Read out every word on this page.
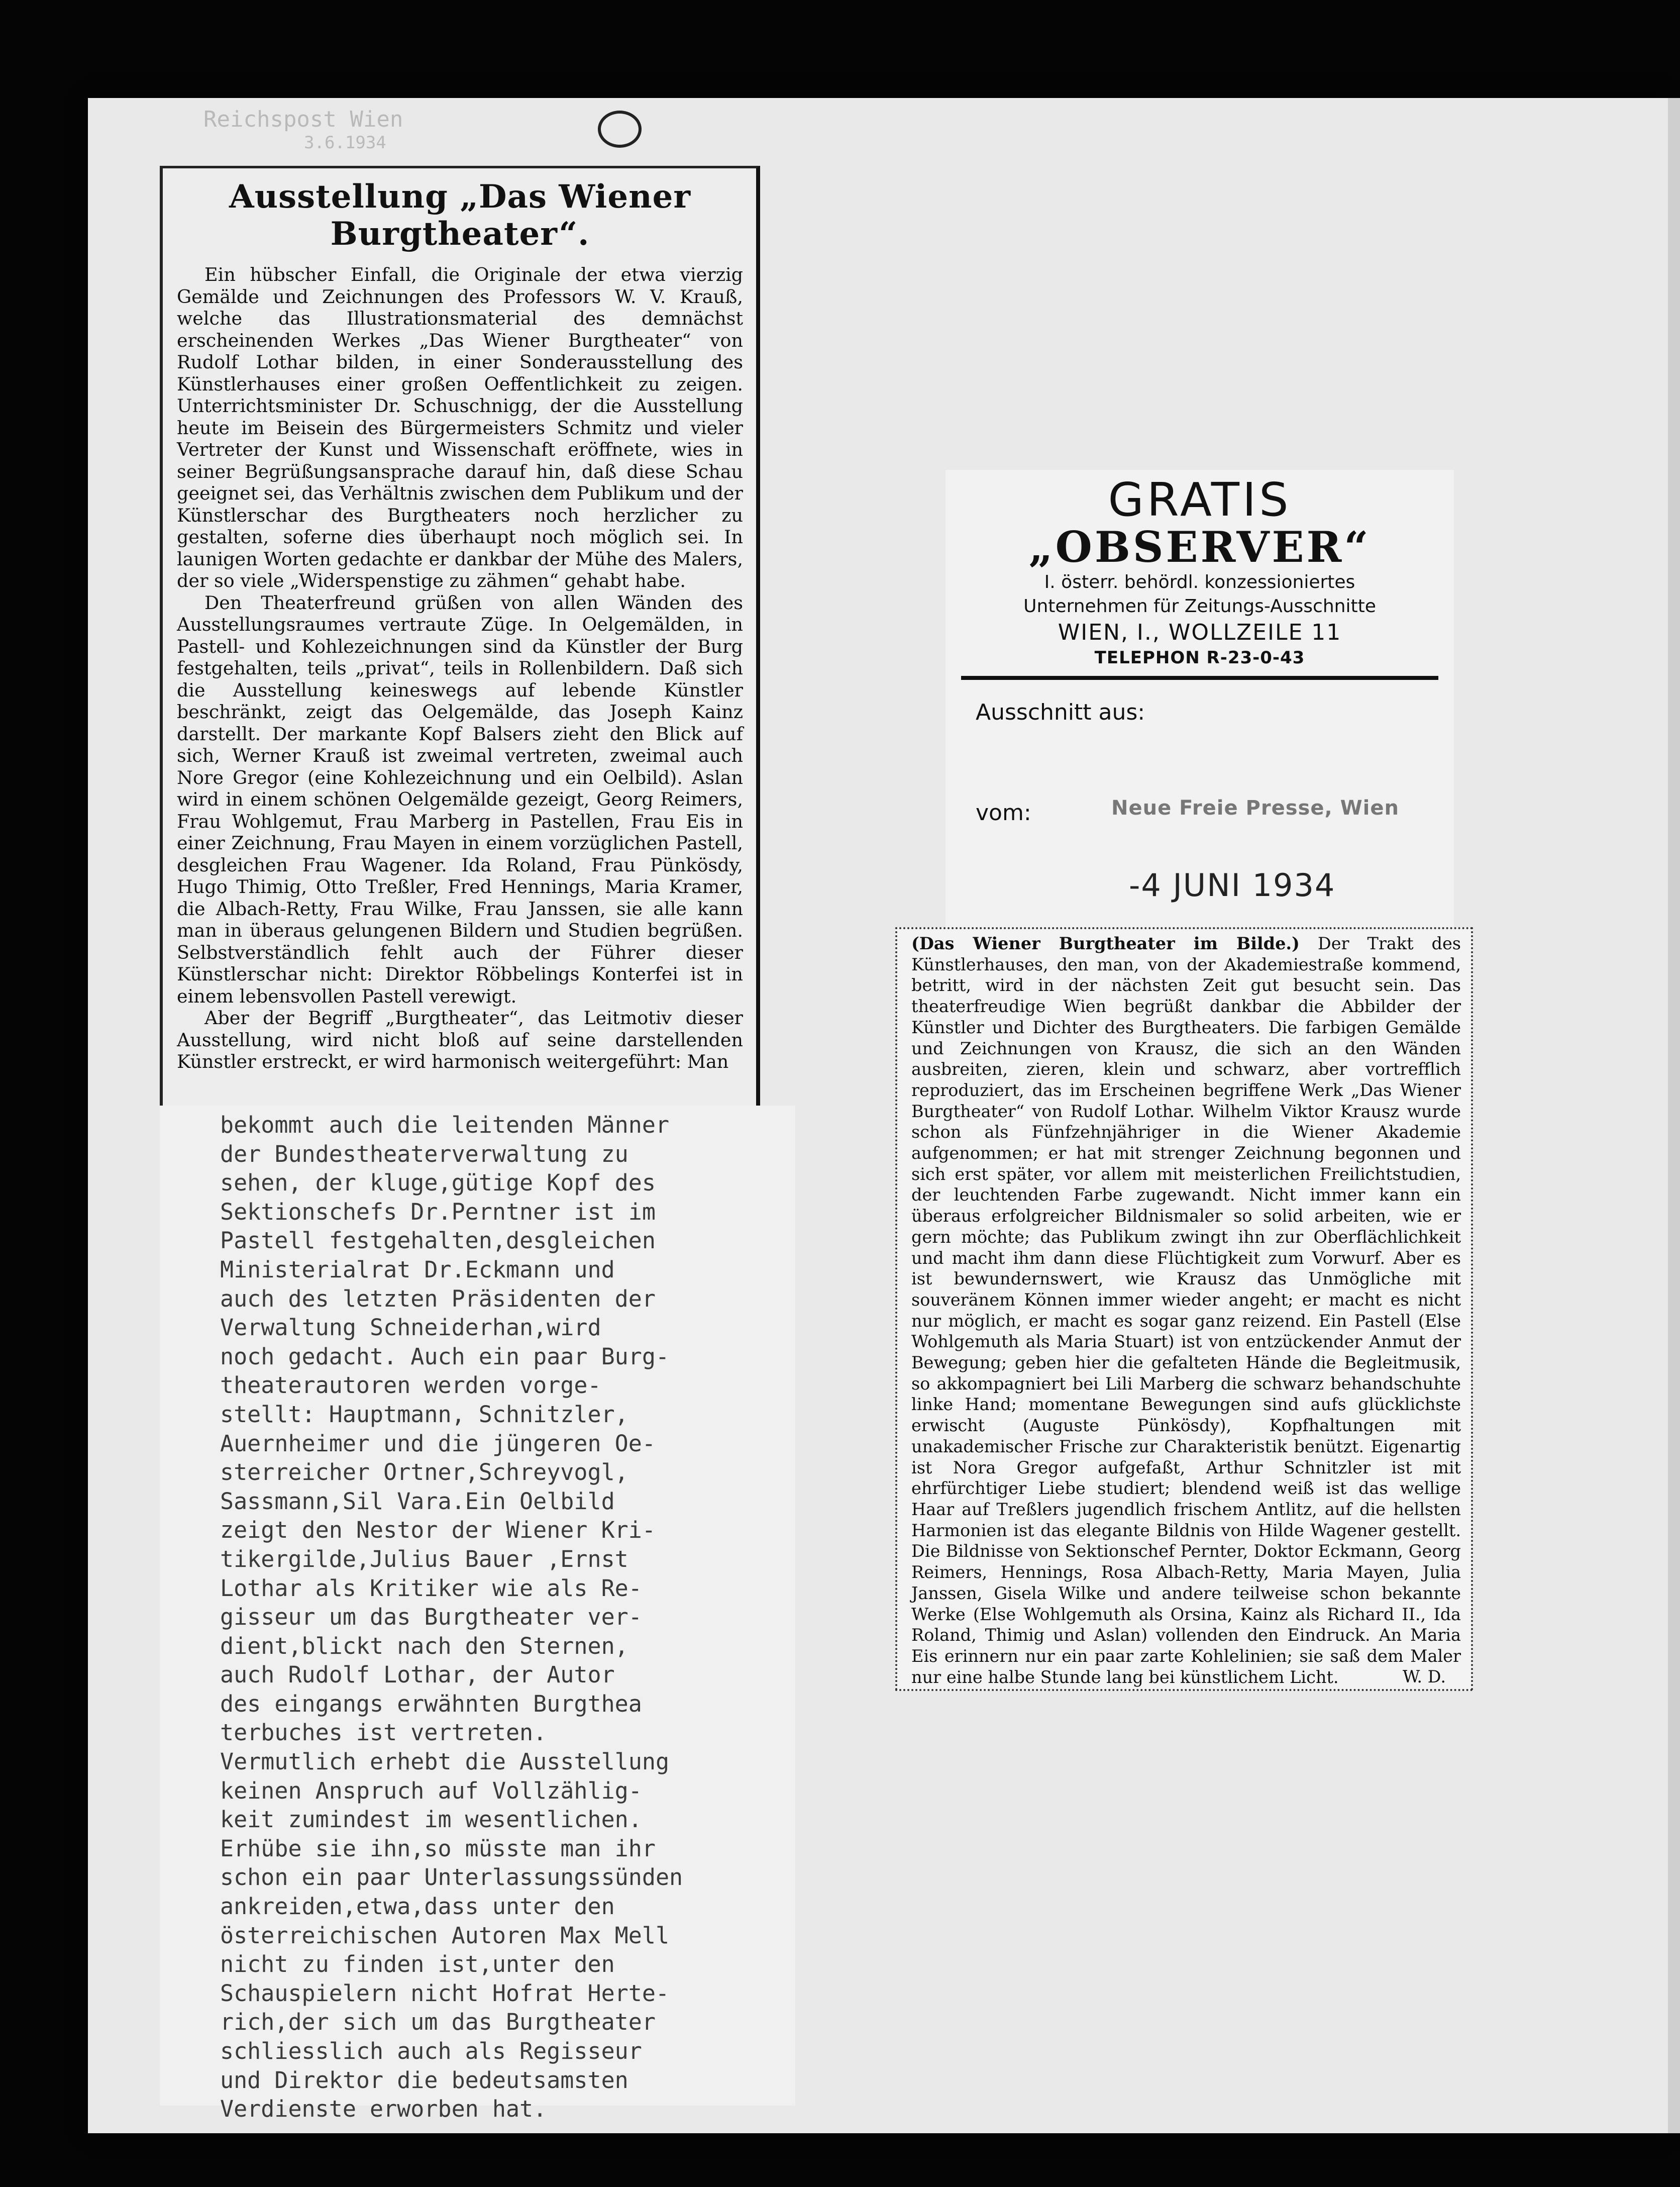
Reichspost Wien
3.6.1934
Ausstellung „Das Wiener Burgtheater“.

Ein hübscher Einfall, die Originale der etwa vierzig Gemälde und Zeichnungen des Professors W. V. Krauß, welche das Illustrationsmaterial des demnächst erscheinenden Werkes „Das Wiener Burgtheater“ von Rudolf Lothar bilden, in einer Sonderausstellung des Künstlerhauses einer großen Oeffentlichkeit zu zeigen. Unterrichtsminister Dr. Schuschnigg, der die Ausstellung heute im Beisein des Bürgermeisters Schmitz und vieler Vertreter der Kunst und Wissenschaft eröffnete, wies in seiner Begrüßungsansprache darauf hin, daß diese Schau geeignet sei, das Verhältnis zwischen dem Publikum und der Künstlerschar des Burgtheaters noch herzlicher zu gestalten, soferne dies überhaupt noch möglich sei. In launigen Worten gedachte er dankbar der Mühe des Malers, der so viele „Widerspenstige zu zähmen“ gehabt habe.

Den Theaterfreund grüßen von allen Wänden des Ausstellungsraumes vertraute Züge. In Oelgemälden, in Pastell- und Kohlezeichnungen sind da Künstler der Burg festgehalten, teils „privat“, teils in Rollenbildern. Daß sich die Ausstellung keineswegs auf lebende Künstler beschränkt, zeigt das Oelgemälde, das Joseph Kainz darstellt. Der markante Kopf Balsers zieht den Blick auf sich, Werner Krauß ist zweimal vertreten, zweimal auch Nore Gregor (eine Kohlezeichnung und ein Oelbild). Aslan wird in einem schönen Oelgemälde gezeigt, Georg Reimers, Frau Wohlgemut, Frau Marberg in Pastellen, Frau Eis in einer Zeichnung, Frau Mayen in einem vorzüglichen Pastell, desgleichen Frau Wagener. Ida Roland, Frau Pünkösdy, Hugo Thimig, Otto Treßler, Fred Hennings, Maria Kramer, die Albach-Retty, Frau Wilke, Frau Janssen, sie alle kann man in überaus gelungenen Bildern und Studien begrüßen. Selbstverständlich fehlt auch der Führer dieser Künstlerschar nicht: Direktor Röbbelings Konterfei ist in einem lebensvollen Pastell verewigt.

Aber der Begriff „Burgtheater“, das Leitmotiv dieser Ausstellung, wird nicht bloß auf seine darstellenden Künstler erstreckt, er wird harmonisch weitergeführt: Man

bekommt auch die leitenden Männer
der Bundestheaterverwaltung zu
sehen, der kluge,gütige Kopf des
Sektionschefs Dr.Perntner ist im
Pastell festgehalten,desgleichen
Ministerialrat Dr.Eckmann und
auch des letzten Präsidenten der
Verwaltung Schneiderhan,wird
noch gedacht. Auch ein paar Burg-
theaterautoren werden vorge-
stellt: Hauptmann, Schnitzler,
Auernheimer und die jüngeren Oe-
sterreicher Ortner,Schreyvogl,
Sassmann,Sil Vara.Ein Oelbild
zeigt den Nestor der Wiener Kri-
tikergilde,Julius Bauer ,Ernst
Lothar als Kritiker wie als Re-
gisseur um das Burgtheater ver-
dient,blickt nach den Sternen,
auch Rudolf Lothar, der Autor
des eingangs erwähnten Burgthea
terbuches ist vertreten.
Vermutlich erhebt die Ausstellung
keinen Anspruch auf Vollzählig-
keit zumindest im wesentlichen.
Erhübe sie ihn,so müsste man ihr
schon ein paar Unterlassungssünden
ankreiden,etwa,dass unter den
österreichischen Autoren Max Mell
nicht zu finden ist,unter den
Schauspielern nicht Hofrat Herte-
rich,der sich um das Burgtheater
schliesslich auch als Regisseur
und Direktor die bedeutsamsten
Verdienste erworben hat.
GRATIS
„OBSERVER“
I. österr. behördl. konzessioniertes
Unternehmen für Zeitungs-Ausschnitte
WIEN, I., WOLLZEILE 11
TELEPHON R-23-0-43
Ausschnitt aus:
vom:	Neue Freie Presse, Wien
-4 JUNI 1934
(Das Wiener Burgtheater im Bilde.) Der Trakt des Künstlerhauses, den man, von der Akademiestraße kommend, betritt, wird in der nächsten Zeit gut besucht sein. Das theaterfreudige Wien begrüßt dankbar die Abbilder der Künstler und Dichter des Burgtheaters. Die farbigen Gemälde und Zeichnungen von Krausz, die sich an den Wänden ausbreiten, zieren, klein und schwarz, aber vortrefflich reproduziert, das im Erscheinen begriffene Werk „Das Wiener Burgtheater“ von Rudolf Lothar. Wilhelm Viktor Krausz wurde schon als Fünfzehnjähriger in die Wiener Akademie aufgenommen; er hat mit strenger Zeichnung begonnen und sich erst später, vor allem mit meisterlichen Freilichtstudien, der leuchtenden Farbe zugewandt. Nicht immer kann ein überaus erfolgreicher Bildnismaler so solid arbeiten, wie er gern möchte; das Publikum zwingt ihn zur Oberflächlichkeit und macht ihm dann diese Flüchtigkeit zum Vorwurf. Aber es ist bewundernswert, wie Krausz das Unmögliche mit souveränem Können immer wieder angeht; er macht es nicht nur möglich, er macht es sogar ganz reizend. Ein Pastell (Else Wohlgemuth als Maria Stuart) ist von entzückender Anmut der Bewegung; geben hier die gefalteten Hände die Begleitmusik, so akkompagniert bei Lili Marberg die schwarz behandschuhte linke Hand; momentane Bewegungen sind aufs glücklichste erwischt (Auguste Pünkösdy), Kopfhaltungen mit unakademischer Frische zur Charakteristik benützt. Eigenartig ist Nora Gregor aufgefaßt, Arthur Schnitzler ist mit ehrfürchtiger Liebe studiert; blendend weiß ist das wellige Haar auf Treßlers jugendlich frischem Antlitz, auf die hellsten Harmonien ist das elegante Bildnis von Hilde Wagener gestellt. Die Bildnisse von Sektionschef Pernter, Doktor Eckmann, Georg Reimers, Hennings, Rosa Albach-Retty, Maria Mayen, Julia Janssen, Gisela Wilke und andere teilweise schon bekannte Werke (Else Wohlgemuth als Orsina, Kainz als Richard II., Ida Roland, Thimig und Aslan) vollenden den Eindruck. An Maria Eis erinnern nur ein paar zarte Kohlelinien; sie saß dem Maler nur eine halbe Stunde lang bei künstlichem Licht.	W. D.
